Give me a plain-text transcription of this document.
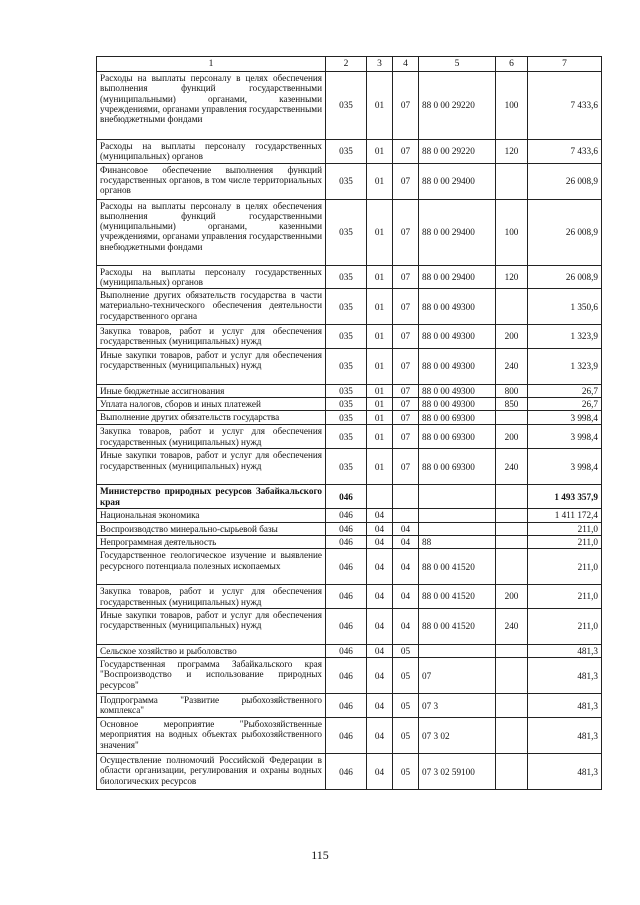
1	2	3	4	5	6	7
Расходы на выплаты персоналу в целях обеспечения выполнения функций государственными (муниципальными) органами, казенными учреждениями, органами управления государственными внебюджетными фондами	035	01	07	88 0 00 29220	100	7 433,6
Расходы на выплаты персоналу государственных (муниципальных) органов	035	01	07	88 0 00 29220	120	7 433,6
Финансовое обеспечение выполнения функций государственных органов, в том числе территориальных органов	035	01	07	88 0 00 29400		26 008,9
Расходы на выплаты персоналу в целях обеспечения выполнения функций государственными (муниципальными) органами, казенными учреждениями, органами управления государственными внебюджетными фондами	035	01	07	88 0 00 29400	100	26 008,9
Расходы на выплаты персоналу государственных (муниципальных) органов	035	01	07	88 0 00 29400	120	26 008,9
Выполнение других обязательств государства в части материально-технического обеспечения деятельности государственного органа	035	01	07	88 0 00 49300		1 350,6
Закупка товаров, работ и услуг для обеспечения государственных (муниципальных) нужд	035	01	07	88 0 00 49300	200	1 323,9
Иные закупки товаров, работ и услуг для обеспечения государственных (муниципальных) нужд	035	01	07	88 0 00 49300	240	1 323,9
Иные бюджетные ассигнования	035	01	07	88 0 00 49300	800	26,7
Уплата налогов, сборов и иных платежей	035	01	07	88 0 00 49300	850	26,7
Выполнение других обязательств государства	035	01	07	88 0 00 69300		3 998,4
Закупка товаров, работ и услуг для обеспечения государственных (муниципальных) нужд	035	01	07	88 0 00 69300	200	3 998,4
Иные закупки товаров, работ и услуг для обеспечения государственных (муниципальных) нужд	035	01	07	88 0 00 69300	240	3 998,4
Министерство природных ресурсов Забайкальского края	046					1 493 357,9
Национальная экономика	046	04				1 411 172,4
Воспроизводство минерально-сырьевой базы	046	04	04			211,0
Непрограммная деятельность	046	04	04	88		211,0
Государственное геологическое изучение и выявление ресурсного потенциала полезных ископаемых	046	04	04	88 0 00 41520		211,0
Закупка товаров, работ и услуг для обеспечения государственных (муниципальных) нужд	046	04	04	88 0 00 41520	200	211,0
Иные закупки товаров, работ и услуг для обеспечения государственных (муниципальных) нужд	046	04	04	88 0 00 41520	240	211,0
Сельское хозяйство и рыболовство	046	04	05			481,3
Государственная программа Забайкальского края "Воспроизводство и использование природных ресурсов"	046	04	05	07		481,3
Подпрограмма "Развитие рыбохозяйственного комплекса"	046	04	05	07 3		481,3
Основное мероприятие "Рыбохозяйственные мероприятия на водных объектах рыбохозяйственного значения"	046	04	05	07 3 02		481,3
Осуществление полномочий Российской Федерации в области организации, регулирования и охраны водных биологических ресурсов	046	04	05	07 3 02 59100		481,3
115
